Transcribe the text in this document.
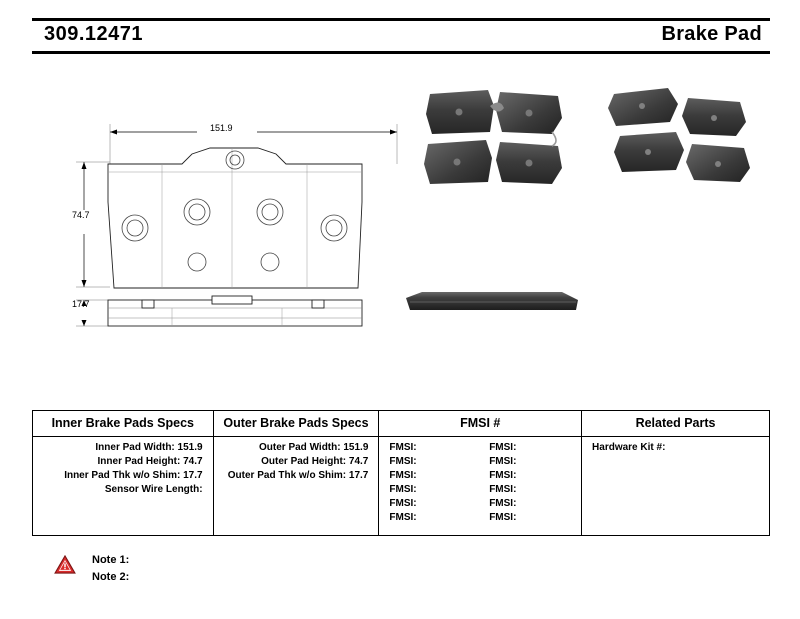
309.12471	Brake Pad
151.9
74.7
17.7
Inner Brake Pads Specs	Outer Brake Pads Specs	FMSI #	Related Parts

Inner Pad Width: 151.9
Inner Pad Height: 74.7
Inner Pad Thk w/o Shim: 17.7
Sensor Wire Length:

Outer Pad Width: 151.9
Outer Pad Height: 74.7
Outer Pad Thk w/o Shim: 17.7

FMSI:	FMSI:
FMSI:	FMSI:
FMSI:	FMSI:
FMSI:	FMSI:
FMSI:	FMSI:
FMSI:	FMSI:

Hardware Kit #:
Note 1:
Note 2:
